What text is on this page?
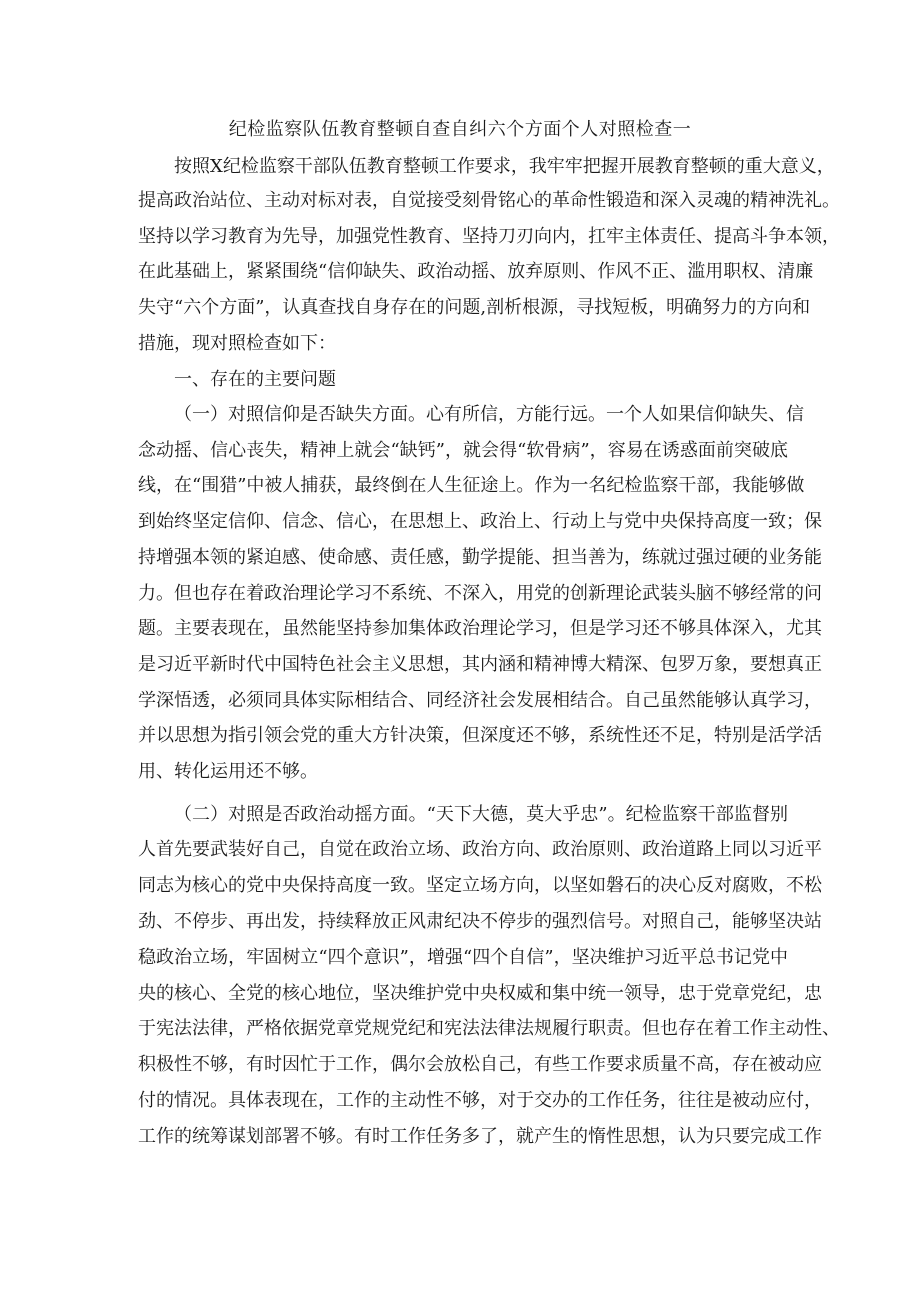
纪检监察队伍教育整顿自查自纠六个方面个人对照检查一
按照X纪检监察干部队伍教育整顿工作要求，我牢牢把握开展教育整顿的重大意义，
提高政治站位、主动对标对表，自觉接受刻骨铭心的革命性锻造和深入灵魂的精神洗礼。
坚持以学习教育为先导，加强党性教育、坚持刀刃向内，扛牢主体责任、提高斗争本领，
在此基础上，紧紧围绕“信仰缺失、政治动摇、放弃原则、作风不正、滥用职权、清廉
失守“六个方面”，认真查找自身存在的问题,剖析根源，寻找短板，明确努力的方向和
措施，现对照检查如下：
一、存在的主要问题
（一）对照信仰是否缺失方面。心有所信，方能行远。一个人如果信仰缺失、信
念动摇、信心丧失，精神上就会“缺钙”，就会得“软骨病”，容易在诱惑面前突破底
线，在“围猎”中被人捕获，最终倒在人生征途上。作为一名纪检监察干部，我能够做
到始终坚定信仰、信念、信心，在思想上、政治上、行动上与党中央保持高度一致；保
持增强本领的紧迫感、使命感、责任感，勤学提能、担当善为，练就过强过硬的业务能
力。但也存在着政治理论学习不系统、不深入，用党的创新理论武装头脑不够经常的问
题。主要表现在，虽然能坚持参加集体政治理论学习，但是学习还不够具体深入，尤其
是习近平新时代中国特色社会主义思想，其内涵和精神博大精深、包罗万象，要想真正
学深悟透，必须同具体实际相结合、同经济社会发展相结合。自己虽然能够认真学习，
并以思想为指引领会党的重大方针决策，但深度还不够，系统性还不足，特别是活学活
用、转化运用还不够。
（二）对照是否政治动摇方面。“天下大德，莫大乎忠”。纪检监察干部监督别
人首先要武装好自己，自觉在政治立场、政治方向、政治原则、政治道路上同以习近平
同志为核心的党中央保持高度一致。坚定立场方向，以坚如磐石的决心反对腐败，不松
劲、不停步、再出发，持续释放正风肃纪决不停步的强烈信号。对照自己，能够坚决站
稳政治立场，牢固树立“四个意识”，增强“四个自信”，坚决维护习近平总书记党中
央的核心、全党的核心地位，坚决维护党中央权威和集中统一领导，忠于党章党纪，忠
于宪法法律，严格依据党章党规党纪和宪法法律法规履行职责。但也存在着工作主动性、
积极性不够，有时因忙于工作，偶尔会放松自己，有些工作要求质量不高，存在被动应
付的情况。具体表现在，工作的主动性不够，对于交办的工作任务，往往是被动应付，
工作的统筹谋划部署不够。有时工作任务多了，就产生的惰性思想，认为只要完成工作
